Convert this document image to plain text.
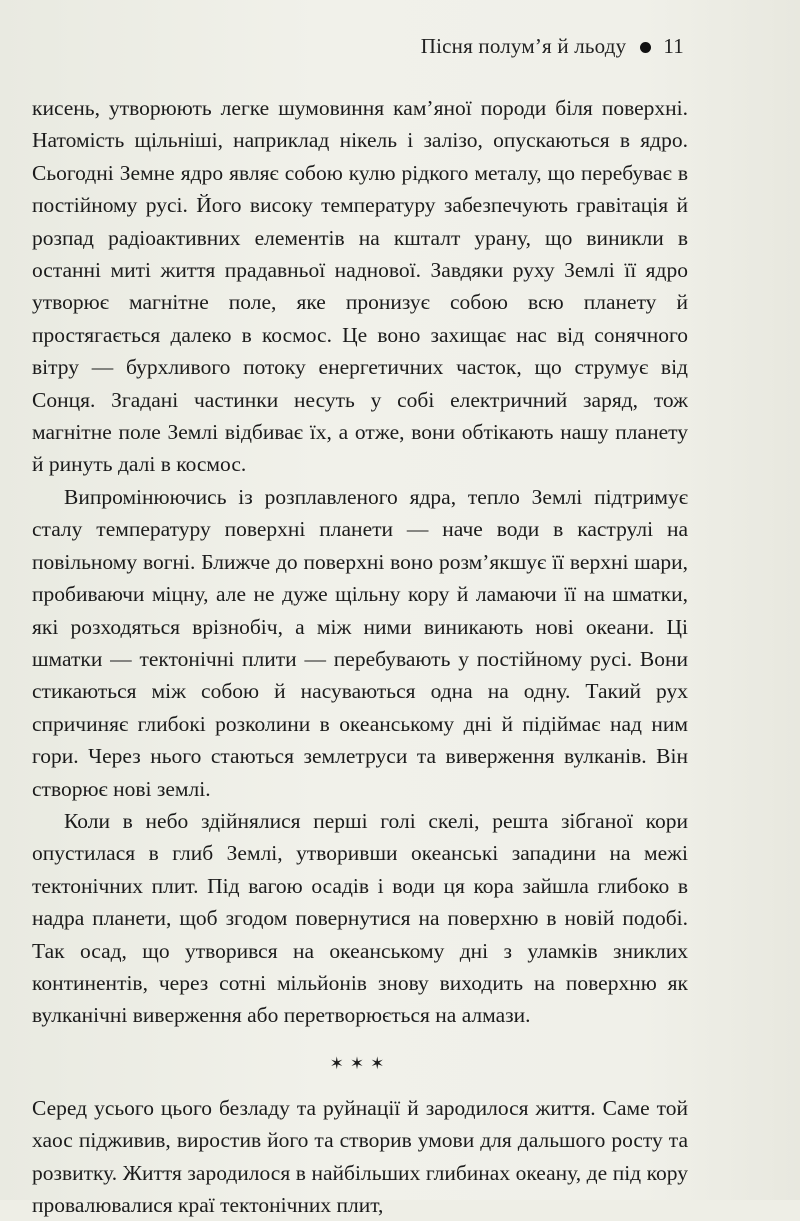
Пісня полум’я й льоду 11

кисень, утворюють легке шумовиння кам’яної породи біля поверхні. Натомість щільніші, наприклад нікель і залізо, опускаються в ядро. Сьогодні Земне ядро являє собою кулю рідкого металу, що перебуває в постійному русі. Його високу температуру забезпечують гравітація й розпад радіоактивних елементів на кшталт урану, що виникли в останні миті життя прадавньої наднової. Завдяки руху Землі її ядро утворює магнітне поле, яке пронизує собою всю планету й простягається далеко в космос. Це воно захищає нас від сонячного вітру — бурхливого потоку енергетичних часток, що струмує від Сонця. Згадані частинки несуть у собі електричний заряд, тож магнітне поле Землі відбиває їх, а отже, вони обтікають нашу планету й ринуть далі в космос.

Випромінюючись із розплавленого ядра, тепло Землі підтримує сталу температуру поверхні планети — наче води в каструлі на повільному вогні. Ближче до поверхні воно розм’якшує її верхні шари, пробиваючи міцну, але не дуже щільну кору й ламаючи її на шматки, які розходяться врізнобіч, а між ними виникають нові океани. Ці шматки — тектонічні плити — перебувають у постійному русі. Вони стикаються між собою й насуваються одна на одну. Такий рух спричиняє глибокі розколини в океанському дні й підіймає над ним гори. Через нього стаються землетруси та виверження вулканів. Він створює нові землі.

Коли в небо здійнялися перші голі скелі, решта зібганої кори опустилася в глиб Землі, утворивши океанські западини на межі тектонічних плит. Під вагою осадів і води ця кора зайшла глибоко в надра планети, щоб згодом повернутися на поверхню в новій подобі. Так осад, що утворився на океанському дні з уламків зниклих континентів, через сотні мільйонів знову виходить на поверхню як вулканічні виверження або перетворюється на алмази.

✶✶✶

Серед усього цього безладу та руйнації й зародилося життя. Саме той хаос підживив, виростив його та створив умови для дальшого росту та розвитку. Життя зародилося в найбільших глибинах океану, де під кору провалювалися краї тектонічних плит,
